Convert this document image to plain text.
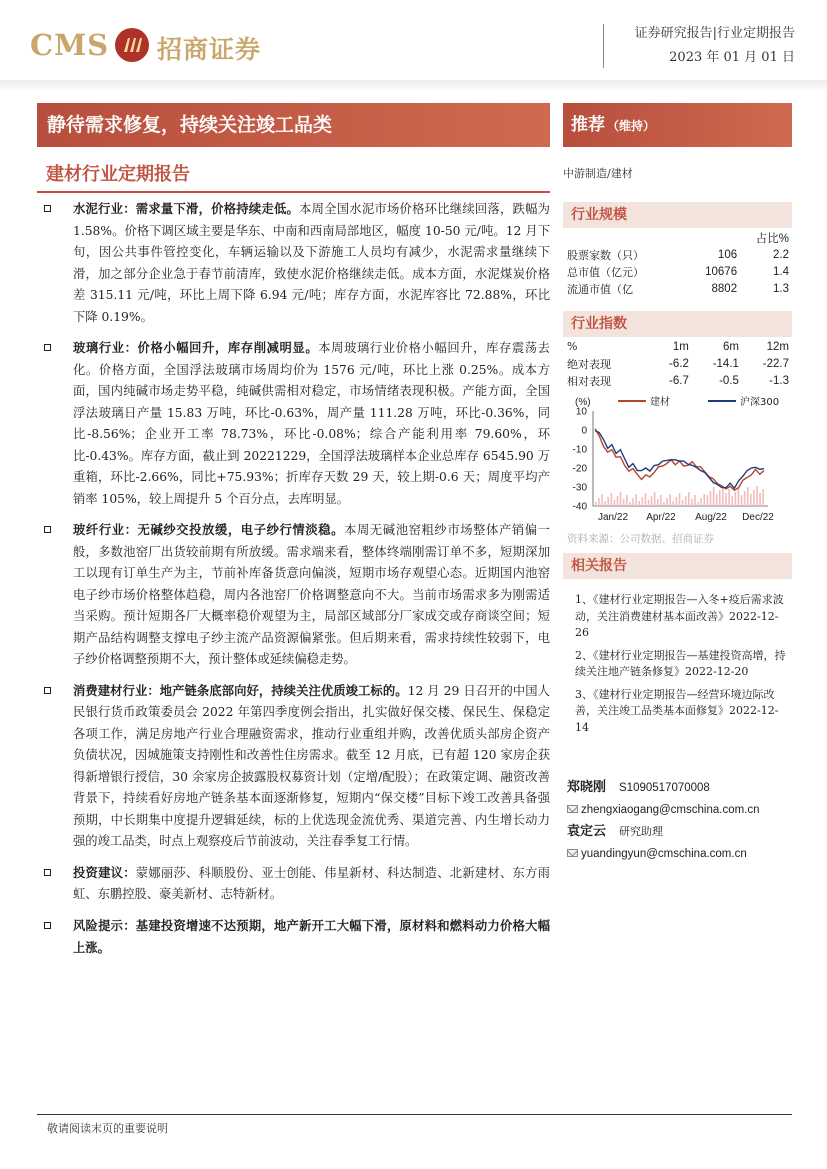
CMS 招商证券
证券研究报告|行业定期报告
2023 年 01 月 01 日
静待需求修复，持续关注竣工品类	推荐 （维持）
建材行业定期报告
水泥行业：需求量下滑，价格持续走低。本周全国水泥市场价格环比继续回落，跌幅为 1.58%。价格下调区域主要是华东、中南和西南局部地区，幅度 10-50 元/吨。12 月下旬，因公共事件管控变化，车辆运输以及下游施工人员均有减少，水泥需求量继续下滑，加之部分企业急于春节前清库，致使水泥价格继续走低。成本方面，水泥煤炭价格差 315.11 元/吨，环比上周下降 6.94 元/吨；库存方面，水泥库容比 72.88%，环比下降 0.19%。
玻璃行业：价格小幅回升，库存削减明显。本周玻璃行业价格小幅回升，库存震荡去化。价格方面，全国浮法玻璃市场周均价为 1576 元/吨，环比上涨 0.25%。成本方面，国内纯碱市场走势平稳，纯碱供需相对稳定，市场情绪表现积极。产能方面，全国浮法玻璃日产量 15.83 万吨，环比-0.63%，周产量 111.28 万吨，环比-0.36%，同比-8.56%；企业开工率 78.73%，环比-0.08%；综合产能利用率 79.60%，环比-0.43%。库存方面，截止到 20221229，全国浮法玻璃样本企业总库存 6545.90 万重箱，环比-2.66%，同比+75.93%；折库存天数 29 天，较上期-0.6 天；周度平均产销率 105%，较上周提升 5 个百分点，去库明显。
玻纤行业：无碱纱交投放缓，电子纱行情淡稳。本周无碱池窑粗纱市场整体产销偏一般，多数池窑厂出货较前期有所放缓。需求端来看，整体终端刚需订单不多，短期深加工以现有订单生产为主，节前补库备货意向偏淡，短期市场存观望心态。近期国内池窑电子纱市场价格整体趋稳，周内各池窑厂价格调整意向不大。当前市场需求多为刚需适当采购。预计短期各厂大概率稳价观望为主，局部区域部分厂家成交或存商谈空间；短期产品结构调整支撑电子纱主流产品资源偏紧张。但后期来看，需求持续性较弱下，电子纱价格调整预期不大，预计整体或延续偏稳走势。
消费建材行业：地产链条底部向好，持续关注优质竣工标的。12 月 29 日召开的中国人民银行货币政策委员会 2022 年第四季度例会指出，扎实做好保交楼、保民生、保稳定各项工作，满足房地产行业合理融资需求，推动行业重组并购，改善优质头部房企资产负债状况，因城施策支持刚性和改善性住房需求。截至 12 月底，已有超 120 家房企获得新增银行授信，30 余家房企披露股权募资计划（定增/配股）；在政策定调、融资改善背景下，持续看好房地产链条基本面逐渐修复，短期内“保交楼”目标下竣工改善具备强预期，中长期集中度提升逻辑延续，标的上优选现金流优秀、渠道完善、内生增长动力强的竣工品类，时点上观察疫后节前波动，关注春季复工行情。
投资建议：蒙娜丽莎、科顺股份、亚士创能、伟星新材、科达制造、北新建材、东方雨虹、东鹏控股、豪美新材、志特新材。
风险提示：基建投资增速不达预期，地产新开工大幅下滑，原材料和燃料动力价格大幅上涨。
中游制造/建材
行业规模
		占比%
股票家数（只）	106	2.2
总市值（亿元）	10676	1.4
流通市值（亿	8802	1.3
行业指数
%	1m	6m	12m
绝对表现	-6.2	-14.1	-22.7
相对表现	-6.7	-0.5	-1.3
(%)
10
0
-10
-20
-30
-40
Jan/22 Apr/22 Aug/22 Dec/22
建材	沪深300
资料来源：公司数据、招商证券
相关报告
1、《建材行业定期报告—入冬+疫后需求波动，关注消费建材基本面改善》2022-12-26
2、《建材行业定期报告—基建投资高增，持续关注地产链条修复》2022-12-20
3、《建材行业定期报告—经营环境边际改善，关注竣工品类基本面修复》2022-12-14
郑晓刚 S1090517070008
zhengxiaogang@cmschina.com.cn
袁定云 研究助理
yuandingyun@cmschina.com.cn
敬请阅读末页的重要说明
